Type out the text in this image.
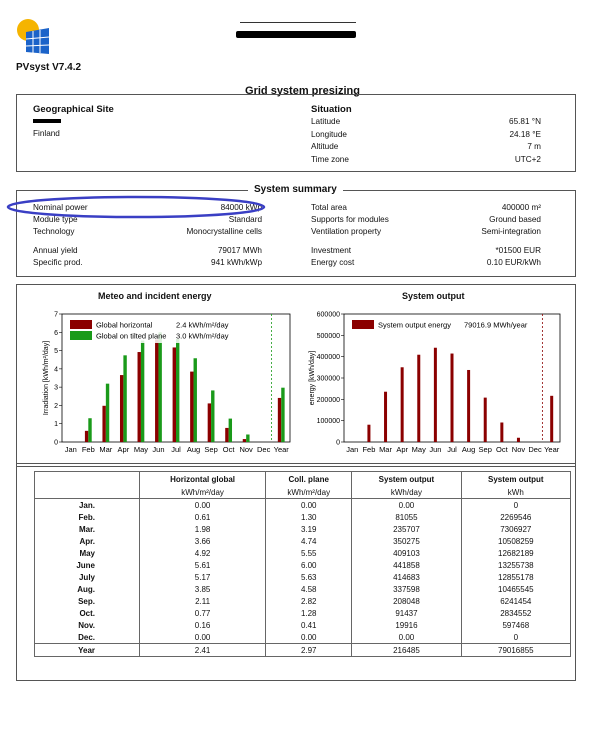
PVsyst V7.4.2
Grid system presizing
Geographical Site
Finland
Situation
Latitude	65.81 °N
Longitude	24.18 °E
Altitude	7 m
Time zone	UTC+2
System summary
Nominal power	84000 kWp
Module type	Standard
Technology	Monocrystalline cells
Annual yield	79017 MWh
Specific prod.	941 kWh/kWp
Total area	400000 m²
Supports for modules	Ground based
Ventilation property	Semi-integration
Investment	*01500 EUR
Energy cost	0.10 EUR/kWh
Meteo and incident energy	System output
0
1
2
3
4
5
6
7
Irradiation [kWh/m²/day]
Jan Feb Mar Apr May Jun Jul Aug Sep Oct Nov Dec Year
Global horizontal	2.4 kWh/m²/day
Global on tilted plane 3.0 kWh/m²/day
0
100000
200000
300000
400000
500000
600000
energy [kWh/day]
Jan Feb Mar Apr May Jun Jul Aug Sep Oct Nov Dec Year
System output energy 79016.9 MWh/year
	Horizontal global	Coll. plane	System output	System output
	kWh/m²/day	kWh/m²/day	kWh/day	kWh
Jan.	0.00	0.00	0.00	0
Feb.	0.61	1.30	81055	2269546
Mar.	1.98	3.19	235707	7306927
Apr.	3.66	4.74	350275	10508259
May	4.92	5.55	409103	12682189
June	5.61	6.00	441858	13255738
July	5.17	5.63	414683	12855178
Aug.	3.85	4.58	337598	10465545
Sep.	2.11	2.82	208048	6241454
Oct.	0.77	1.28	91437	2834552
Nov.	0.16	0.41	19916	597468
Dec.	0.00	0.00	0.00	0
Year	2.41	2.97	216485	79016855
